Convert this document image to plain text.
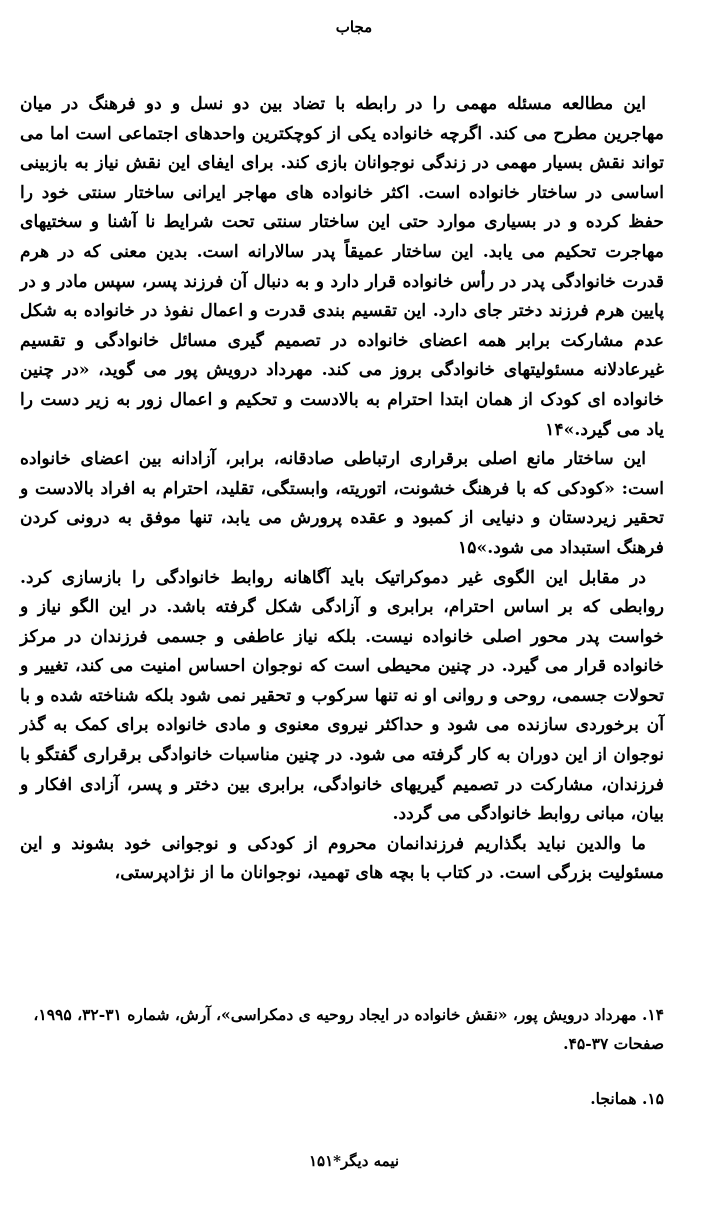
مجاب

این مطالعه مسئله مهمی را در رابطه با تضاد بین دو نسل و دو فرهنگ در میان مهاجرین مطرح می کند. اگرچه خانواده یکی از کوچکترین واحدهای اجتماعی است اما می تواند نقش بسیار مهمی در زندگی نوجوانان بازی کند. برای ایفای این نقش نیاز به بازبینی اساسی در ساختار خانواده است. اکثر خانواده های مهاجر ایرانی ساختار سنتی خود را حفظ کرده و در بسیاری موارد حتی این ساختار سنتی تحت شرایط نا آشنا و سختیهای مهاجرت تحکیم می یابد. این ساختار عمیقاً پدر سالارانه است. بدین معنی که در هرم قدرت خانوادگی پدر در رأس خانواده قرار دارد و به دنبال آن فرزند پسر، سپس مادر و در پایین هرم فرزند دختر جای دارد. این تقسیم بندی قدرت و اعمال نفوذ در خانواده به شکل عدم مشارکت برابر همه اعضای خانواده در تصمیم گیری مسائل خانوادگی و تقسیم غیرعادلانه مسئولیتهای خانوادگی بروز می کند. مهرداد درویش پور می گوید، «در چنین خانواده ای کودک از همان ابتدا احترام به بالادست و تحکیم و اعمال زور به زیر دست را یاد می گیرد.»۱۴

این ساختار مانع اصلی برقراری ارتباطی صادقانه، برابر، آزادانه بین اعضای خانواده است: «کودکی که با فرهنگ خشونت، اتوریته، وابستگی، تقلید، احترام به افراد بالادست و تحقیر زیردستان و دنیایی از کمبود و عقده پرورش می یابد، تنها موفق به درونی کردن فرهنگ استبداد می شود.»۱۵

در مقابل این الگوی غیر دموکراتیک باید آگاهانه روابط خانوادگی را بازسازی کرد. روابطی که بر اساس احترام، برابری و آزادگی شکل گرفته باشد. در این الگو نیاز و خواست پدر محور اصلی خانواده نیست. بلکه نیاز عاطفی و جسمی فرزندان در مرکز خانواده قرار می گیرد. در چنین محیطی است که نوجوان احساس امنیت می کند، تغییر و تحولات جسمی، روحی و روانی او نه تنها سرکوب و تحقیر نمی شود بلکه شناخته شده و با آن برخوردی سازنده می شود و حداکثر نیروی معنوی و مادی خانواده برای کمک به گذر نوجوان از این دوران به کار گرفته می شود. در چنین مناسبات خانوادگی برقراری گفتگو با فرزندان، مشارکت در تصمیم گیریهای خانوادگی، برابری بین دختر و پسر، آزادی افکار و بیان، مبانی روابط خانوادگی می گردد.

ما والدین نباید بگذاریم فرزندانمان محروم از کودکی و نوجوانی خود بشوند و این مسئولیت بزرگی است. در کتاب با بچه های تهمید، نوجوانان ما از نژادپرستی،

۱۴. مهرداد درویش پور، «نقش خانواده در ایجاد روحیه ی دمکراسی»، آرش، شماره ۳۱-۳۲، ۱۹۹۵، صفحات ۳۷-۴۵.

۱۵. همانجا.

نیمه دیگر*۱۵۱
